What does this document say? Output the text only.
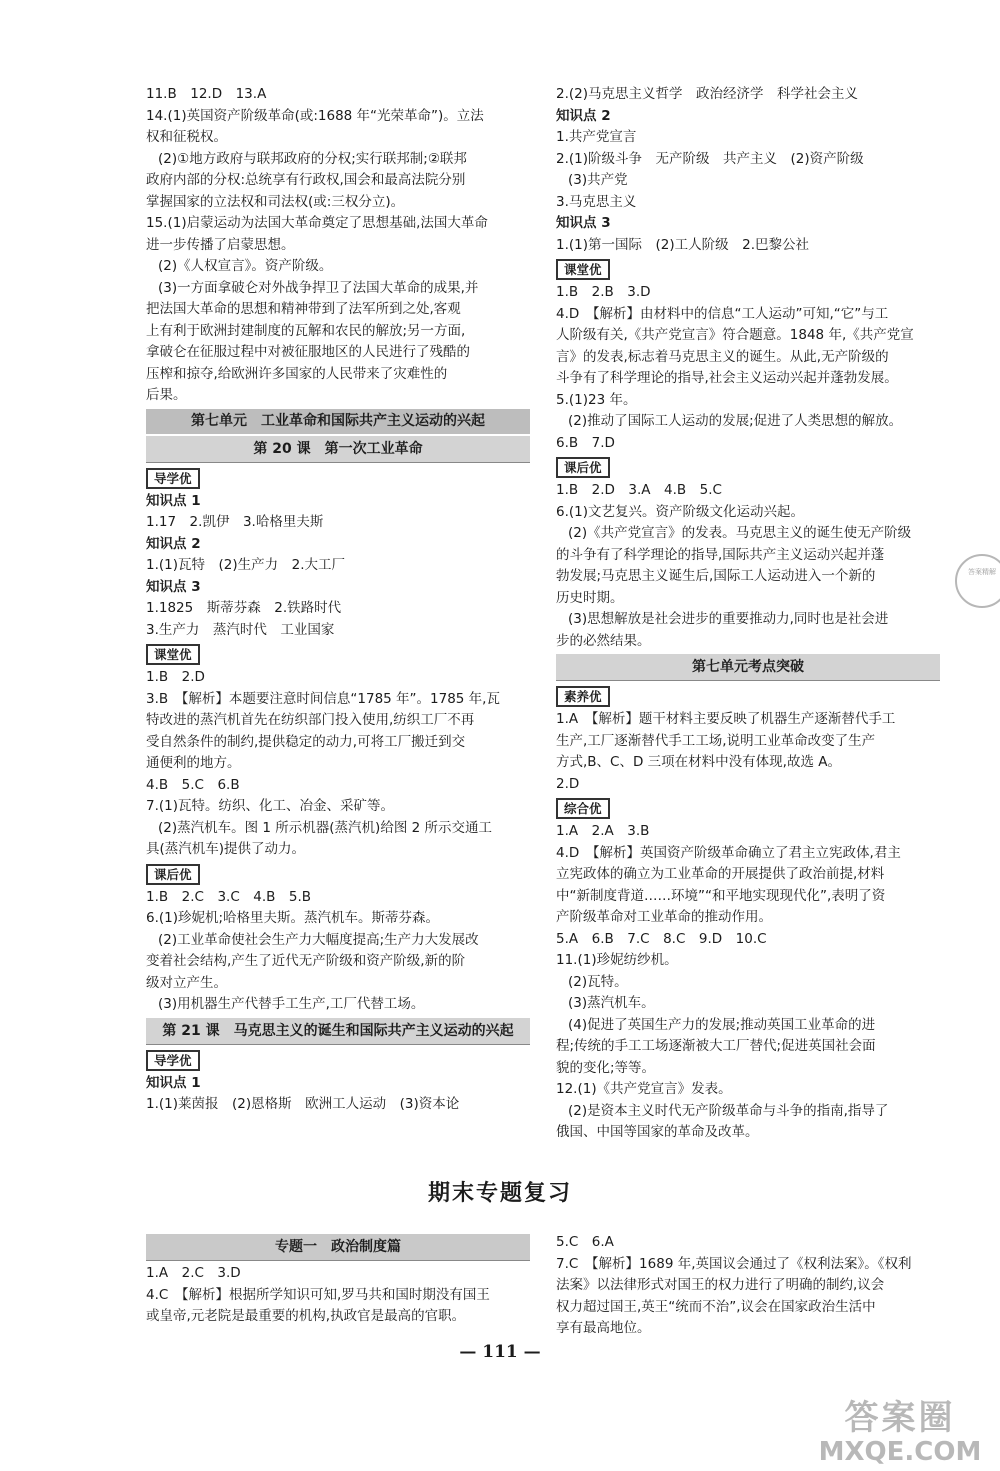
11.B　12.D　13.A
14.(1)英国资产阶级革命(或:1688 年“光荣革命”)。立法
权和征税权。
(2)①地方政府与联邦政府的分权;实行联邦制;②联邦
政府内部的分权:总统享有行政权,国会和最高法院分别
掌握国家的立法权和司法权(或:三权分立)。
15.(1)启蒙运动为法国大革命奠定了思想基础,法国大革命
进一步传播了启蒙思想。
(2)《人权宣言》。资产阶级。
(3)一方面拿破仑对外战争捍卫了法国大革命的成果,并
把法国大革命的思想和精神带到了法军所到之处,客观
上有利于欧洲封建制度的瓦解和农民的解放;另一方面,
拿破仑在征服过程中对被征服地区的人民进行了残酷的
压榨和掠夺,给欧洲许多国家的人民带来了灾难性的
后果。
第七单元　工业革命和国际共产主义运动的兴起
第 20 课　第一次工业革命
导学优
知识点 1
1.17　2.凯伊　3.哈格里夫斯
知识点 2
1.(1)瓦特　(2)生产力　2.大工厂
知识点 3
1.1825　斯蒂芬森　2.铁路时代
3.生产力　蒸汽时代　工业国家
课堂优
1.B　2.D
3.B　【解析】本题要注意时间信息“1785 年”。1785 年,瓦
特改进的蒸汽机首先在纺织部门投入使用,纺织工厂不再
受自然条件的制约,提供稳定的动力,可将工厂搬迁到交
通便利的地方。
4.B　5.C　6.B
7.(1)瓦特。纺织、化工、冶金、采矿等。
(2)蒸汽机车。图 1 所示机器(蒸汽机)给图 2 所示交通工
具(蒸汽机车)提供了动力。
课后优
1.B　2.C　3.C　4.B　5.B
6.(1)珍妮机;哈格里夫斯。蒸汽机车。斯蒂芬森。
(2)工业革命使社会生产力大幅度提高;生产力大发展改
变着社会结构,产生了近代无产阶级和资产阶级,新的阶
级对立产生。
(3)用机器生产代替手工生产,工厂代替工场。
第 21 课　马克思主义的诞生和国际共产主义运动的兴起
导学优
知识点 1
1.(1)莱茵报　(2)恩格斯　欧洲工人运动　(3)资本论
2.(2)马克思主义哲学　政治经济学　科学社会主义
知识点 2
1.共产党宣言
2.(1)阶级斗争　无产阶级　共产主义　(2)资产阶级
(3)共产党
3.马克思主义
知识点 3
1.(1)第一国际　(2)工人阶级　2.巴黎公社
课堂优
1.B　2.B　3.D
4.D　【解析】由材料中的信息“工人运动”可知,“它”与工
人阶级有关,《共产党宣言》符合题意。1848 年,《共产党宣
言》的发表,标志着马克思主义的诞生。从此,无产阶级的
斗争有了科学理论的指导,社会主义运动兴起并蓬勃发展。
5.(1)23 年。
(2)推动了国际工人运动的发展;促进了人类思想的解放。
6.B　7.D
课后优
1.B　2.D　3.A　4.B　5.C
6.(1)文艺复兴。资产阶级文化运动兴起。
(2)《共产党宣言》的发表。马克思主义的诞生使无产阶级
的斗争有了科学理论的指导,国际共产主义运动兴起并蓬
勃发展;马克思主义诞生后,国际工人运动进入一个新的
历史时期。
(3)思想解放是社会进步的重要推动力,同时也是社会进
步的必然结果。
第七单元考点突破
素养优
1.A　【解析】题干材料主要反映了机器生产逐渐替代手工
生产,工厂逐渐替代手工工场,说明工业革命改变了生产
方式,B、C、D 三项在材料中没有体现,故选 A。
2.D
综合优
1.A　2.A　3.B
4.D　【解析】英国资产阶级革命确立了君主立宪政体,君主
立宪政体的确立为工业革命的开展提供了政治前提,材料
中“新制度背道……环境”“和平地实现现代化”,表明了资
产阶级革命对工业革命的推动作用。
5.A　6.B　7.C　8.C　9.D　10.C
11.(1)珍妮纺纱机。
(2)瓦特。
(3)蒸汽机车。
(4)促进了英国生产力的发展;推动英国工业革命的进
程;传统的手工工场逐渐被大工厂替代;促进英国社会面
貌的变化;等等。
12.(1)《共产党宣言》发表。
(2)是资本主义时代无产阶级革命与斗争的指南,指导了
俄国、中国等国家的革命及改革。
期末专题复习
专题一　政治制度篇
1.A　2.C　3.D
4.C　【解析】根据所学知识可知,罗马共和国时期没有国王
或皇帝,元老院是最重要的机构,执政官是最高的官职。
5.C　6.A
7.C　【解析】1689 年,英国议会通过了《权利法案》。《权利
法案》以法律形式对国王的权力进行了明确的制约,议会
权力超过国王,英王“统而不治”,议会在国家政治生活中
享有最高地位。
— 111 —
答案精解
答案圈
MXQE.COM
